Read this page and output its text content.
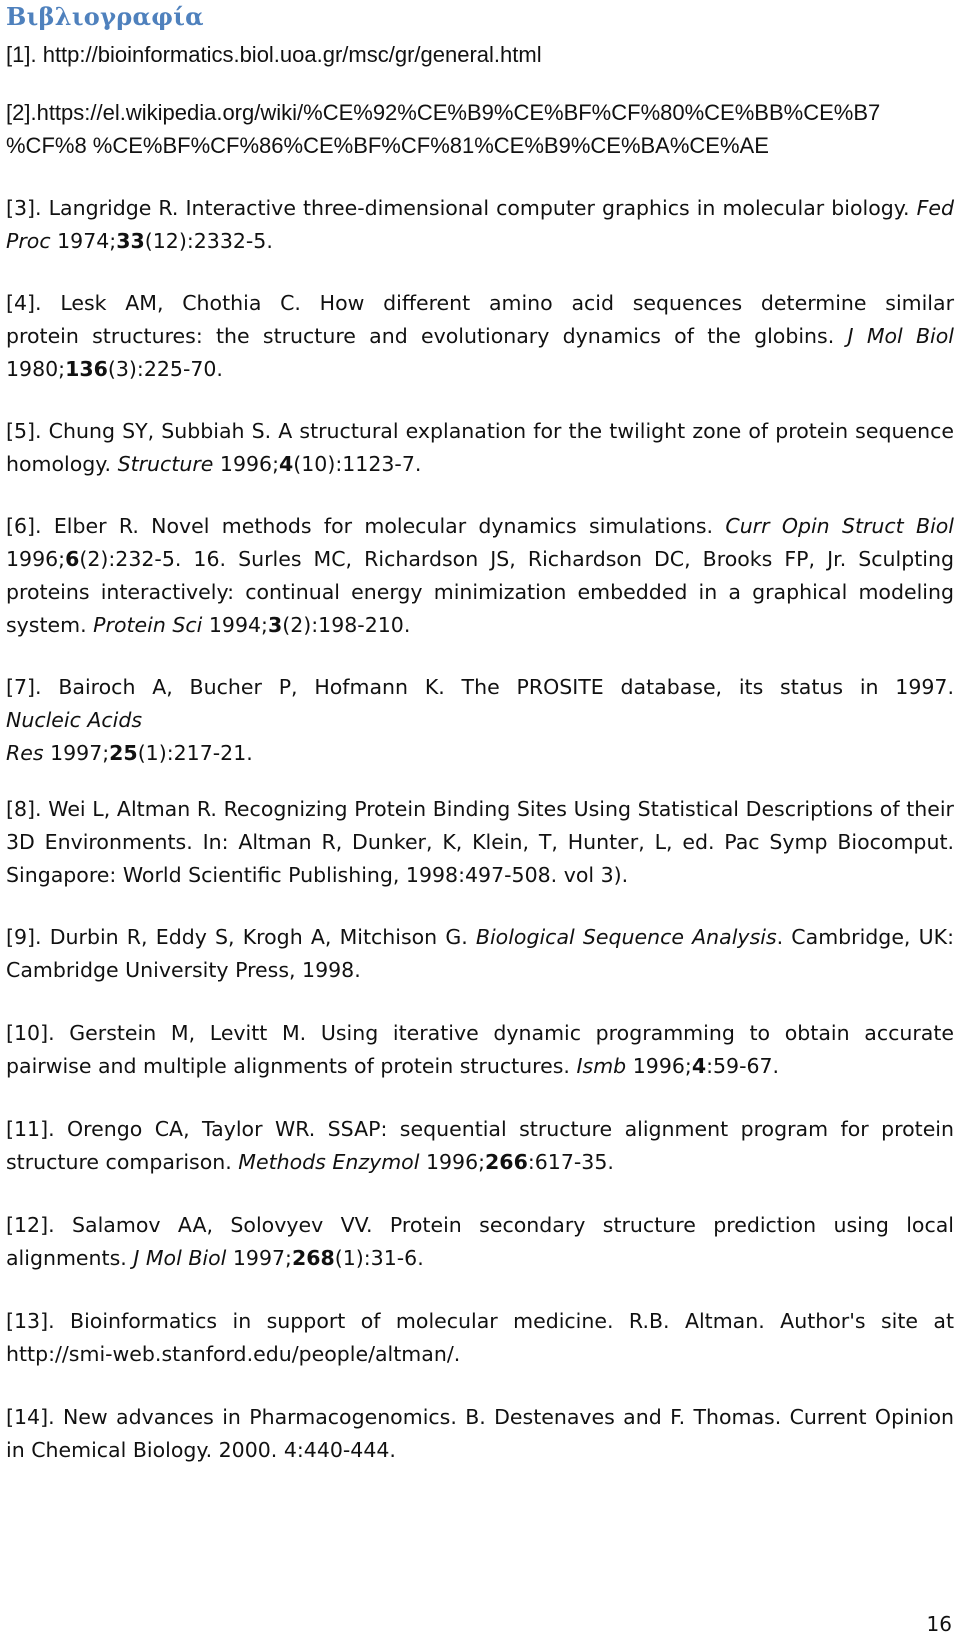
Βιβλιογραφία
[1]. http://bioinformatics.biol.uoa.gr/msc/gr/general.html
[2].https://el.wikipedia.org/wiki/%CE%92%CE%B9%CE%BF%CF%80%CE%BB%CE%B7
%CF%8 %CE%BF%CF%86%CE%BF%CF%81%CE%B9%CE%BA%CE%AE
[3]. Langridge R. Interactive three-dimensional computer graphics in molecular biology. Fed Proc 1974;33(12):2332-5.
[4]. Lesk AM, Chothia C. How different amino acid sequences determine similar
protein structures: the structure and evolutionary dynamics of the globins. J Mol Biol
1980;136(3):225-70.
[5]. Chung SY, Subbiah S. A structural explanation for the twilight zone of protein sequence homology. Structure 1996;4(10):1123-7.
[6]. Elber R. Novel methods for molecular dynamics simulations. Curr Opin Struct Biol 1996;6(2):232-5. 16. Surles MC, Richardson JS, Richardson DC, Brooks FP, Jr. Sculpting proteins interactively: continual energy minimization embedded in a graphical modeling system. Protein Sci 1994;3(2):198-210.
[7]. Bairoch A, Bucher P, Hofmann K. The PROSITE database, its status in 1997.
Nucleic Acids
Res 1997;25(1):217-21.
[8]. Wei L, Altman R. Recognizing Protein Binding Sites Using Statistical Descriptions of their 3D Environments. In: Altman R, Dunker, K, Klein, T, Hunter, L, ed. Pac Symp Biocomput. Singapore: World Scientific Publishing, 1998:497-508. vol 3).
[9]. Durbin R, Eddy S, Krogh A, Mitchison G. Biological Sequence Analysis. Cambridge, UK: Cambridge University Press, 1998.
[10]. Gerstein M, Levitt M. Using iterative dynamic programming to obtain accurate pairwise and multiple alignments of protein structures. Ismb 1996;4:59-67.
[11]. Orengo CA, Taylor WR. SSAP: sequential structure alignment program for protein structure comparison. Methods Enzymol 1996;266:617-35.
[12]. Salamov AA, Solovyev VV. Protein secondary structure prediction using local alignments. J Mol Biol 1997;268(1):31-6.
[13]. Bioinformatics in support of molecular medicine. R.B. Altman. Author's site at http://smi-web.stanford.edu/people/altman/.
[14]. New advances in Pharmacogenomics. B. Destenaves and F. Thomas. Current Opinion in Chemical Biology. 2000. 4:440-444.
16
